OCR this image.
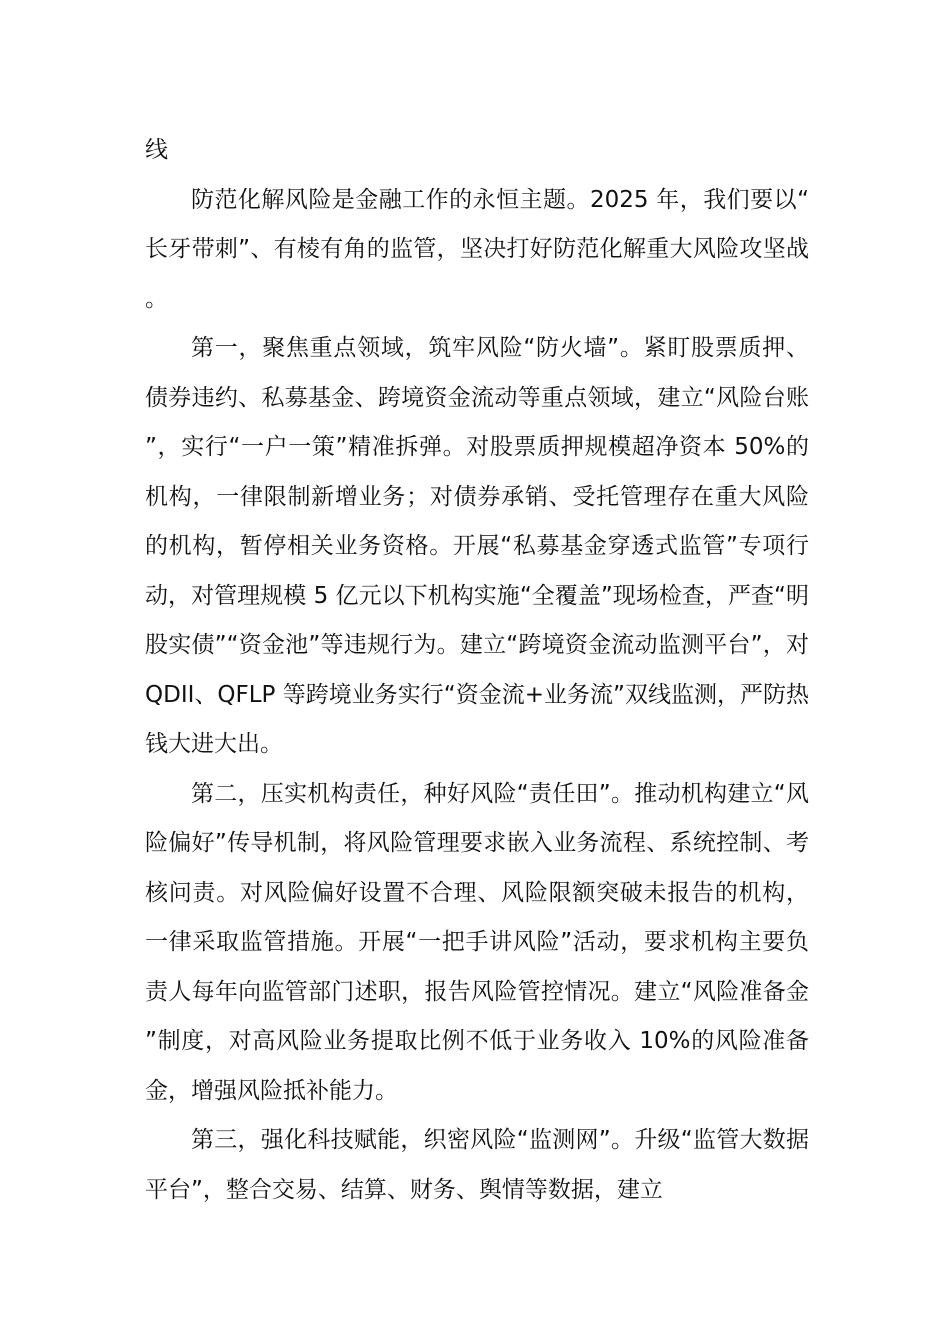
线

防范化解风险是金融工作的永恒主题。2025 年，我们要以“长牙带刺”、有棱有角的监管，坚决打好防范化解重大风险攻坚战。

第一，聚焦重点领域，筑牢风险“防火墙”。紧盯股票质押、债券违约、私募基金、跨境资金流动等重点领域，建立“风险台账”，实行“一户一策”精准拆弹。对股票质押规模超净资本 50%的机构，一律限制新增业务；对债券承销、受托管理存在重大风险的机构，暂停相关业务资格。开展“私募基金穿透式监管”专项行动，对管理规模 5 亿元以下机构实施“全覆盖”现场检查，严查“明股实债”“资金池”等违规行为。建立“跨境资金流动监测平台”，对 QDII、QFLP 等跨境业务实行“资金流+业务流”双线监测，严防热钱大进大出。

第二，压实机构责任，种好风险“责任田”。推动机构建立“风险偏好”传导机制，将风险管理要求嵌入业务流程、系统控制、考核问责。对风险偏好设置不合理、风险限额突破未报告的机构，一律采取监管措施。开展“一把手讲风险”活动，要求机构主要负责人每年向监管部门述职，报告风险管控情况。建立“风险准备金”制度，对高风险业务提取比例不低于业务收入 10%的风险准备金，增强风险抵补能力。

第三，强化科技赋能，织密风险“监测网”。升级“监管大数据平台”，整合交易、结算、财务、舆情等数据，建立
